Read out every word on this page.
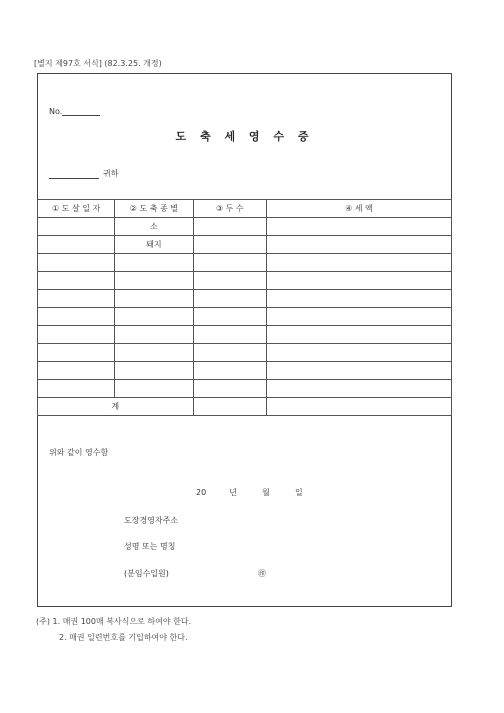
[별지 제97호 서식] (82.3.25. 개정)
No.
도 축 세 영 수 증
귀하
① 도 살 일 자	② 도 축 종 별	③ 두 수	④ 세 액
	소		
	돼지		

계			
위와 같이 영수함
20	년	월	일
도장경영자주소
성명 또는 명칭
(분임수입원)	㊞
(주) 1. 매권 100매 복사식으로 하여야 한다.
2. 매권 일련번호를 기입하여야 한다.
